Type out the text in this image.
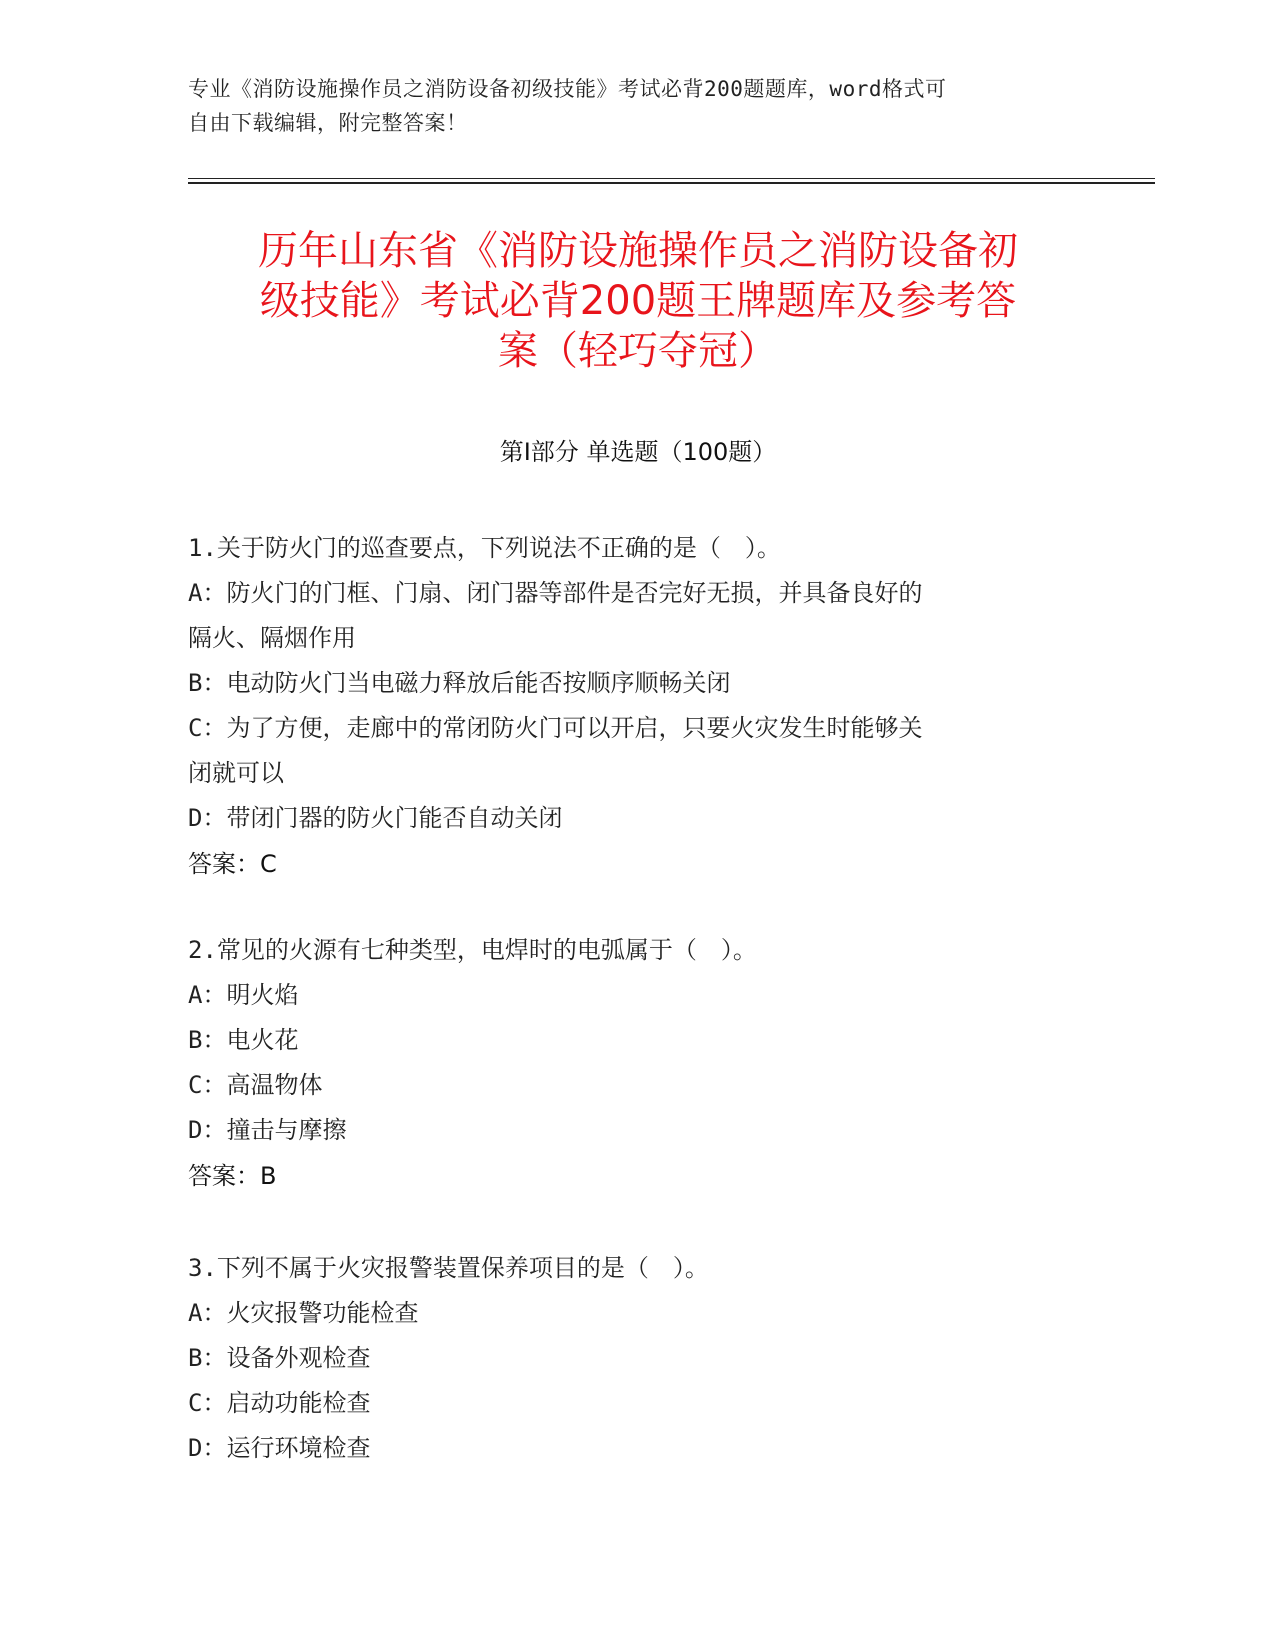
专业《消防设施操作员之消防设备初级技能》考试必背200题题库，word格式可
自由下载编辑，附完整答案！
历年山东省《消防设施操作员之消防设备初
级技能》考试必背200题王牌题库及参考答
案（轻巧夺冠）
第Ⅰ部分 单选题（100题）

1.关于防火门的巡查要点，下列说法不正确的是（　）。

A：防火门的门框、门扇、闭门器等部件是否完好无损，并具备良好的

隔火、隔烟作用

B：电动防火门当电磁力释放后能否按顺序顺畅关闭

C：为了方便，走廊中的常闭防火门可以开启，只要火灾发生时能够关

闭就可以

D：带闭门器的防火门能否自动关闭

答案：C

2.常见的火源有七种类型，电焊时的电弧属于（　）。

A：明火焰

B：电火花

C：高温物体

D：撞击与摩擦

答案：B

3.下列不属于火灾报警装置保养项目的是（　）。

A：火灾报警功能检查

B：设备外观检查

C：启动功能检查

D：运行环境检查
